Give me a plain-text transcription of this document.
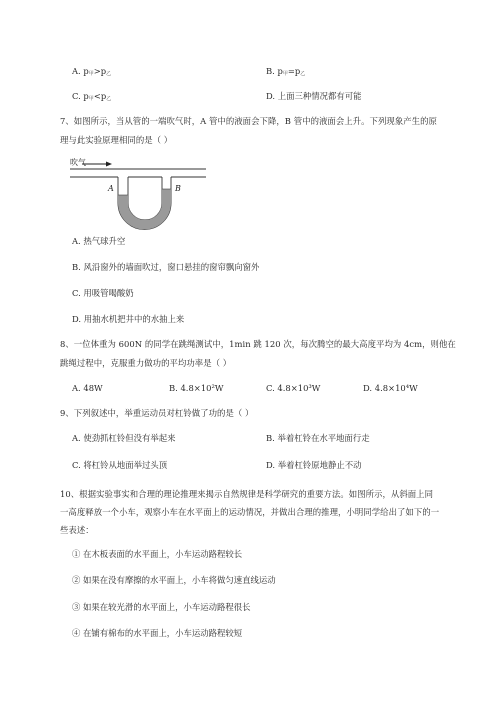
A. $p_甲>p_乙$	B. $p_甲=p_乙$
C. $p_甲<p_乙$	D. 上面三种情况都有可能
7、如图所示，当从管的一端吹气时，A 管中的液面会下降，B 管中的液面会上升。下列现象产生的原
理与此实验原理相同的是（ ）
吹气
A	B
A. 热气球升空
B. 风沿窗外的墙面吹过，窗口悬挂的窗帘飘向窗外
C. 用吸管喝酸奶
D. 用抽水机把井中的水抽上来
8、一位体重为 600N 的同学在跳绳测试中，1min 跳 120 次，每次腾空的最大高度平均为 4cm，则他在
跳绳过程中，克服重力做功的平均功率是（ ）
A. 48W	B. 4.8×10²W	C. 4.8×10³W	D. 4.8×10⁴W
9、下列叙述中，举重运动员对杠铃做了功的是（ ）
A. 使劲抓杠铃但没有举起来	B. 举着杠铃在水平地面行走
C. 将杠铃从地面举过头顶	D. 举着杠铃原地静止不动
10、根据实验事实和合理的理论推理来揭示自然规律是科学研究的重要方法。如图所示，从斜面上同
一高度释放一个小车，观察小车在水平面上的运动情况，并做出合理的推理，小明同学给出了如下的一
些表述：
① 在木板表面的水平面上，小车运动路程较长
② 如果在没有摩擦的水平面上，小车将做匀速直线运动
③ 如果在较光滑的水平面上，小车运动路程很长
④ 在铺有棉布的水平面上，小车运动路程较短
